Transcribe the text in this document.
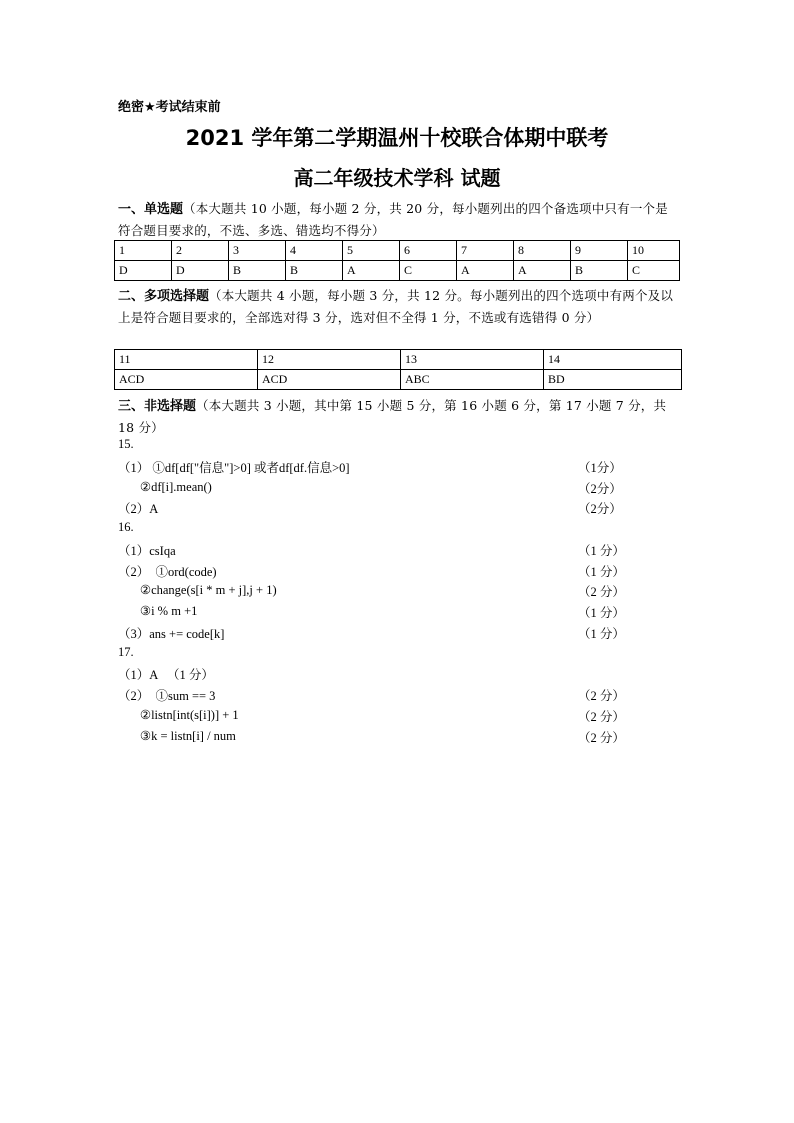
绝密★考试结束前
2021 学年第二学期温州十校联合体期中联考
高二年级技术学科 试题
一、单选题（本大题共 10 小题，每小题 2 分，共 20 分，每小题列出的四个备选项中只有一个是 符合题目要求的，不选、多选、错选均不得分）
1	2	3	4	5	6	7	8	9	10
D	D	B	B	A	C	A	A	B	C
二、多项选择题（本大题共 4 小题，每小题 3 分，共 12 分。每小题列出的四个选项中有两个及以 上是符合题目要求的，全部选对得 3 分，选对但不全得 1 分，不选或有选错得 0 分）
11	12	13	14
ACD	ACD	ABC	BD
三、非选择题（本大题共 3 小题，其中第 15 小题 5 分，第 16 小题 6 分，第 17 小题 7 分，共 18 分）
15.
（1） ①df[df["信息"]>0] 或者df[df.信息>0]	（1分）
②df[i].mean()	（2分）
（2）A	（2分）
16.
（1）csIqa	（1 分）
（2）  ①ord(code)	（1 分）
②change(s[i * m + j],j + 1)	（2 分）
③i % m +1	（1 分）
（3）ans += code[k]	（1 分）
17.
（1）A   （1 分）
（2）  ①sum == 3	（2 分）
②listn[int(s[i])] + 1	（2 分）
③k = listn[i] / num	（2 分）
